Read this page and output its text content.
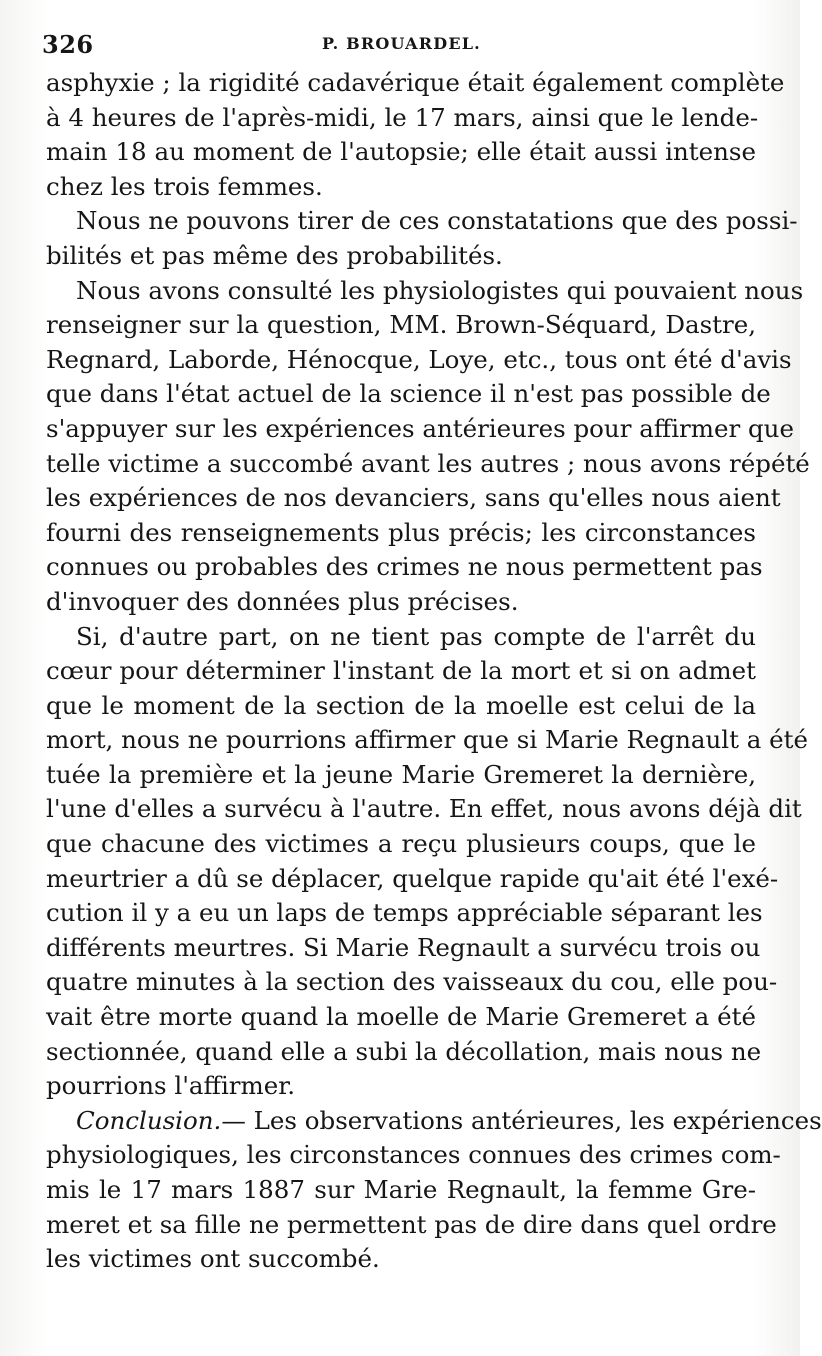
326	P. BROUARDEL.
asphyxie ; la rigidité cadavérique était également complète
à 4 heures de l'après-midi, le 17 mars, ainsi que le lende-
main 18 au moment de l'autopsie; elle était aussi intense
chez les trois femmes.
Nous ne pouvons tirer de ces constatations que des possi-
bilités et pas même des probabilités.
Nous avons consulté les physiologistes qui pouvaient nous
renseigner sur la question, MM. Brown-Séquard, Dastre,
Regnard, Laborde, Hénocque, Loye, etc., tous ont été d'avis
que dans l'état actuel de la science il n'est pas possible de
s'appuyer sur les expériences antérieures pour affirmer que
telle victime a succombé avant les autres ; nous avons répété
les expériences de nos devanciers, sans qu'elles nous aient
fourni des renseignements plus précis; les circonstances
connues ou probables des crimes ne nous permettent pas
d'invoquer des données plus précises.
Si, d'autre part, on ne tient pas compte de l'arrêt du
cœur pour déterminer l'instant de la mort et si on admet
que le moment de la section de la moelle est celui de la
mort, nous ne pourrions affirmer que si Marie Regnault a été
tuée la première et la jeune Marie Gremeret la dernière,
l'une d'elles a survécu à l'autre. En effet, nous avons déjà dit
que chacune des victimes a reçu plusieurs coups, que le
meurtrier a dû se déplacer, quelque rapide qu'ait été l'exé-
cution il y a eu un laps de temps appréciable séparant les
différents meurtres. Si Marie Regnault a survécu trois ou
quatre minutes à la section des vaisseaux du cou, elle pou-
vait être morte quand la moelle de Marie Gremeret a été
sectionnée, quand elle a subi la décollation, mais nous ne
pourrions l'affirmer.
Conclusion.— Les observations antérieures, les expériences
physiologiques, les circonstances connues des crimes com-
mis le 17 mars 1887 sur Marie Regnault, la femme Gre-
meret et sa fille ne permettent pas de dire dans quel ordre
les victimes ont succombé.
